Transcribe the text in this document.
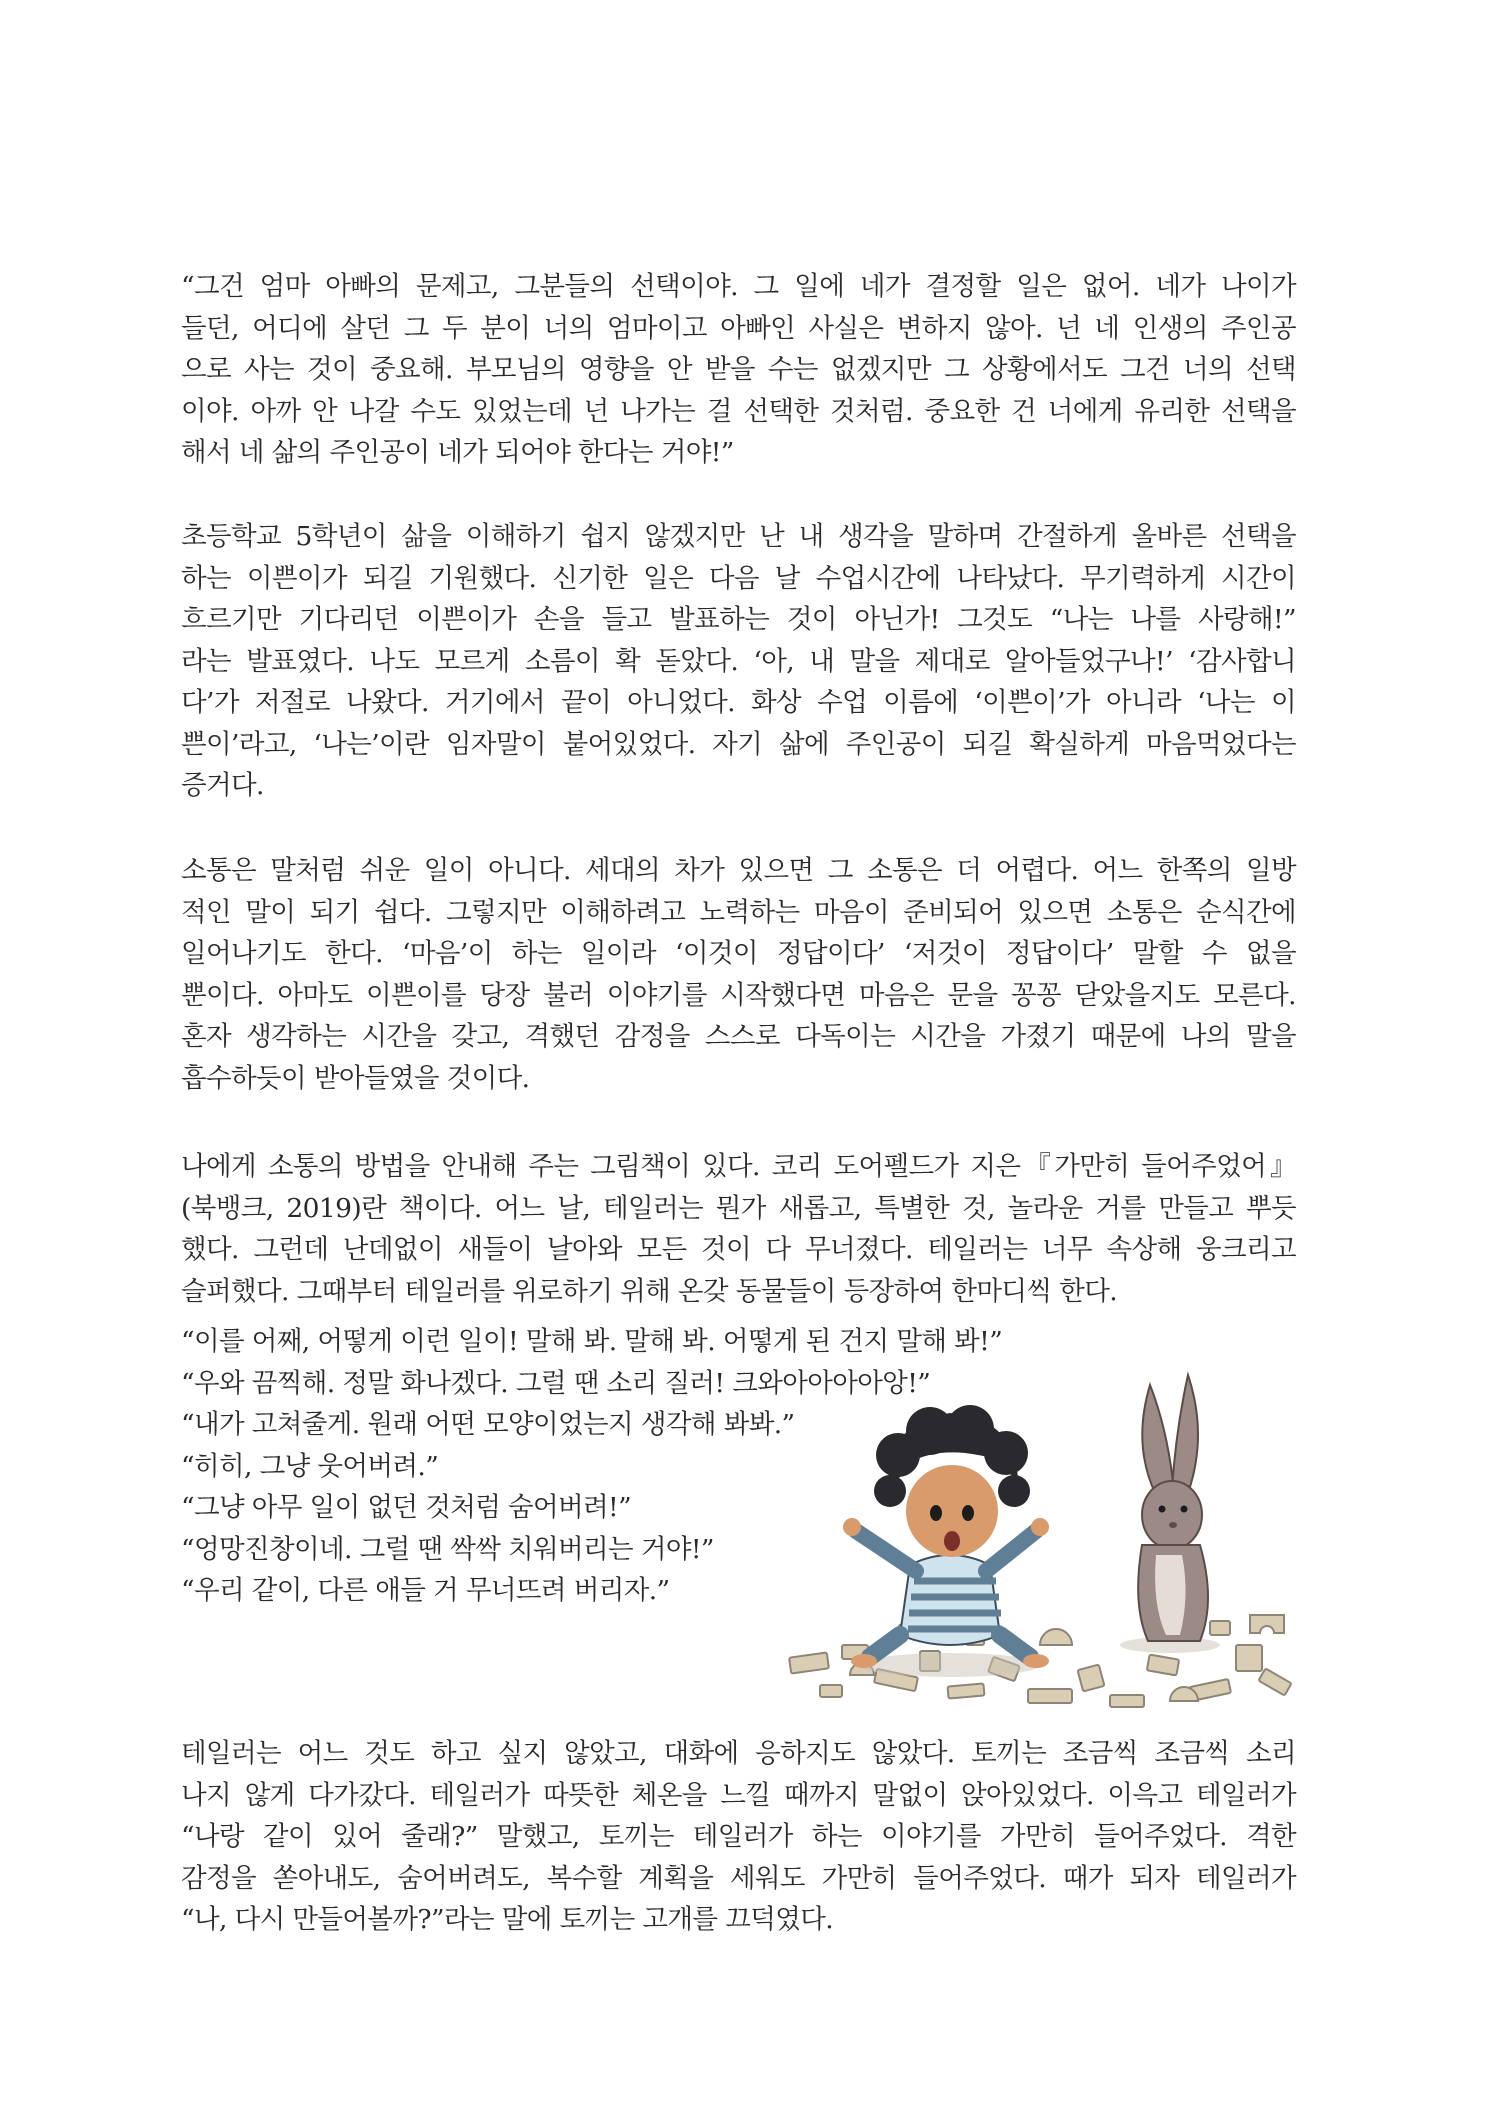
“그건 엄마 아빠의 문제고, 그분들의 선택이야. 그 일에 네가 결정할 일은 없어. 네가 나이가
들던, 어디에 살던 그 두 분이 너의 엄마이고 아빠인 사실은 변하지 않아. 넌 네 인생의 주인공
으로 사는 것이 중요해. 부모님의 영향을 안 받을 수는 없겠지만 그 상황에서도 그건 너의 선택
이야. 아까 안 나갈 수도 있었는데 넌 나가는 걸 선택한 것처럼. 중요한 건 너에게 유리한 선택을
해서 네 삶의 주인공이 네가 되어야 한다는 거야!”
초등학교 5학년이 삶을 이해하기 쉽지 않겠지만 난 내 생각을 말하며 간절하게 올바른 선택을
하는 이쁜이가 되길 기원했다. 신기한 일은 다음 날 수업시간에 나타났다. 무기력하게 시간이
흐르기만 기다리던 이쁜이가 손을 들고 발표하는 것이 아닌가! 그것도 “나는 나를 사랑해!”
라는 발표였다. 나도 모르게 소름이 확 돋았다. ‘아, 내 말을 제대로 알아들었구나!’ ‘감사합니
다’가 저절로 나왔다. 거기에서 끝이 아니었다. 화상 수업 이름에 ‘이쁜이’가 아니라 ‘나는 이
쁜이’라고, ‘나는’이란 임자말이 붙어있었다. 자기 삶에 주인공이 되길 확실하게 마음먹었다는
증거다.
소통은 말처럼 쉬운 일이 아니다. 세대의 차가 있으면 그 소통은 더 어렵다. 어느 한쪽의 일방
적인 말이 되기 쉽다. 그렇지만 이해하려고 노력하는 마음이 준비되어 있으면 소통은 순식간에
일어나기도 한다. ‘마음’이 하는 일이라 ‘이것이 정답이다’ ‘저것이 정답이다’ 말할 수 없을
뿐이다. 아마도 이쁜이를 당장 불러 이야기를 시작했다면 마음은 문을 꽁꽁 닫았을지도 모른다.
혼자 생각하는 시간을 갖고, 격했던 감정을 스스로 다독이는 시간을 가졌기 때문에 나의 말을
흡수하듯이 받아들였을 것이다.
나에게 소통의 방법을 안내해 주는 그림책이 있다. 코리 도어펠드가 지은『가만히 들어주었어』
(북뱅크, 2019)란 책이다. 어느 날, 테일러는 뭔가 새롭고, 특별한 것, 놀라운 거를 만들고 뿌듯
했다. 그런데 난데없이 새들이 날아와 모든 것이 다 무너졌다. 테일러는 너무 속상해 웅크리고
슬퍼했다. 그때부터 테일러를 위로하기 위해 온갖 동물들이 등장하여 한마디씩 한다.
“이를 어째, 어떻게 이런 일이! 말해 봐. 말해 봐. 어떻게 된 건지 말해 봐!”
“우와 끔찍해. 정말 화나겠다. 그럴 땐 소리 질러! 크와아아아아앙!”
“내가 고쳐줄게. 원래 어떤 모양이었는지 생각해 봐봐.”
“히히, 그냥 웃어버려.”
“그냥 아무 일이 없던 것처럼 숨어버려!”
“엉망진창이네. 그럴 땐 싹싹 치워버리는 거야!”
“우리 같이, 다른 애들 거 무너뜨려 버리자.”
테일러는 어느 것도 하고 싶지 않았고, 대화에 응하지도 않았다. 토끼는 조금씩 조금씩 소리
나지 않게 다가갔다. 테일러가 따뜻한 체온을 느낄 때까지 말없이 앉아있었다. 이윽고 테일러가
“나랑 같이 있어 줄래?” 말했고, 토끼는 테일러가 하는 이야기를 가만히 들어주었다. 격한
감정을 쏟아내도, 숨어버려도, 복수할 계획을 세워도 가만히 들어주었다. 때가 되자 테일러가
“나, 다시 만들어볼까?”라는 말에 토끼는 고개를 끄덕였다.
